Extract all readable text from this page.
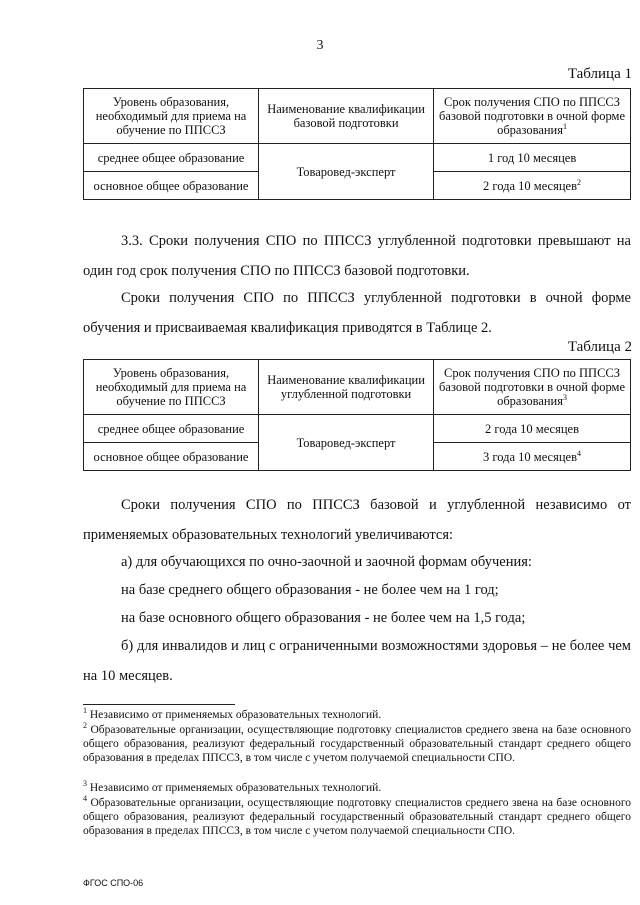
3
Таблица 1
Уровень образования, необходимый для приема на обучение по ППССЗ	Наименование квалификации базовой подготовки	Срок получения СПО по ППССЗ базовой подготовки в очной форме образования$^1$
среднее общее образование	Товаровед-эксперт	1 год 10 месяцев
основное общее образование		2 года 10 месяцев$^2$

3.3. Сроки получения СПО по ППССЗ углубленной подготовки превышают на один год срок получения СПО по ППССЗ базовой подготовки.

Сроки получения СПО по ППССЗ углубленной подготовки в очной форме обучения и присваиваемая квалификация приводятся в Таблице 2.

Таблица 2
Уровень образования, необходимый для приема на обучение по ППССЗ	Наименование квалификации углубленной подготовки	Срок получения СПО по ППССЗ базовой подготовки в очной форме образования$^3$
среднее общее образование	Товаровед-эксперт	2 года 10 месяцев
основное общее образование		3 года 10 месяцев$^4$

Сроки получения СПО по ППССЗ базовой и углубленной независимо от применяемых образовательных технологий увеличиваются:

а) для обучающихся по очно-заочной и заочной формам обучения:

на базе среднего общего образования - не более чем на 1 год;

на базе основного общего образования - не более чем на 1,5 года;

б) для инвалидов и лиц с ограниченными возможностями здоровья – не более чем на 10 месяцев.

$^1$ Независимо от применяемых образовательных технологий.

$^2$ Образовательные организации, осуществляющие подготовку специалистов среднего звена на базе основного общего образования, реализуют федеральный государственный образовательный стандарт среднего общего образования в пределах ППССЗ, в том числе с учетом получаемой специальности СПО.

$^3$ Независимо от применяемых образовательных технологий.

$^4$ Образовательные организации, осуществляющие подготовку специалистов среднего звена на базе основного общего образования, реализуют федеральный государственный образовательный стандарт среднего общего образования в пределах ППССЗ, в том числе с учетом получаемой специальности СПО.

ФГОС СПО-06
